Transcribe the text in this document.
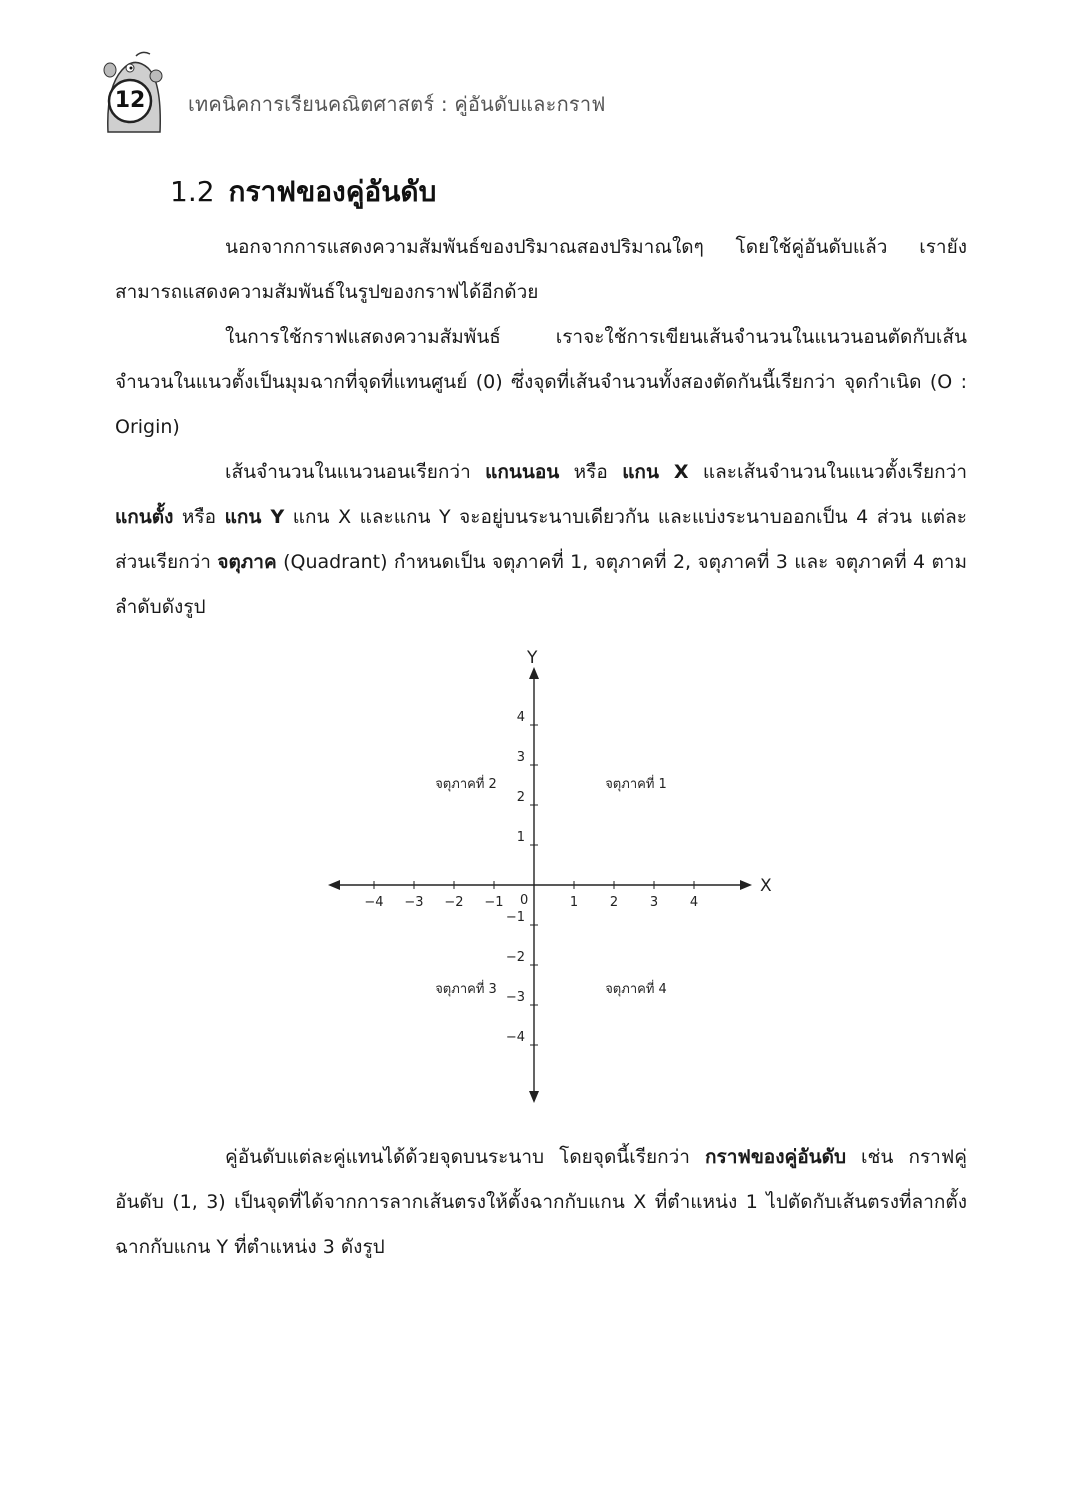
12 เทคนิคการเรียนคณิตศาสตร์ : คู่อันดับและกราฟ
1.2 กราฟของคู่อันดับ
นอกจากการแสดงความสัมพันธ์ของปริมาณสองปริมาณใดๆ โดยใช้คู่อันดับแล้ว เรายังสามารถแสดงความสัมพันธ์ในรูปของกราฟได้อีกด้วย
ในการใช้กราฟแสดงความสัมพันธ์ เราจะใช้การเขียนเส้นจำนวนในแนวนอนตัดกับเส้นจำนวนในแนวตั้งเป็นมุมฉากที่จุดที่แทนศูนย์ (0) ซึ่งจุดที่เส้นจำนวนทั้งสองตัดกันนี้เรียกว่า จุดกำเนิด (O : Origin)
เส้นจำนวนในแนวนอนเรียกว่า แกนนอน หรือ แกน X และเส้นจำนวนในแนวตั้งเรียกว่า แกนตั้ง หรือ แกน Y แกน X และแกน Y จะอยู่บนระนาบเดียวกัน และแบ่งระนาบออกเป็น 4 ส่วน แต่ละส่วนเรียกว่า จตุภาค (Quadrant) กำหนดเป็น จตุภาคที่ 1, จตุภาคที่ 2, จตุภาคที่ 3 และ จตุภาคที่ 4 ตามลำดับดังรูป
X
Y
0
−4 −3 −2 −1	1 2 3 4
4
3
2
1
−1
−2
−3
−4
จตุภาคที่ 1
จตุภาคที่ 2
จตุภาคที่ 3	จตุภาคที่ 4
คู่อันดับแต่ละคู่แทนได้ด้วยจุดบนระนาบ โดยจุดนี้เรียกว่า กราฟของคู่อันดับ เช่น กราฟคู่อันดับ (1, 3) เป็นจุดที่ได้จากการลากเส้นตรงให้ตั้งฉากกับแกน X ที่ตำแหน่ง 1 ไปตัดกับเส้นตรงที่ลากตั้งฉากกับแกน Y ที่ตำแหน่ง 3 ดังรูป
